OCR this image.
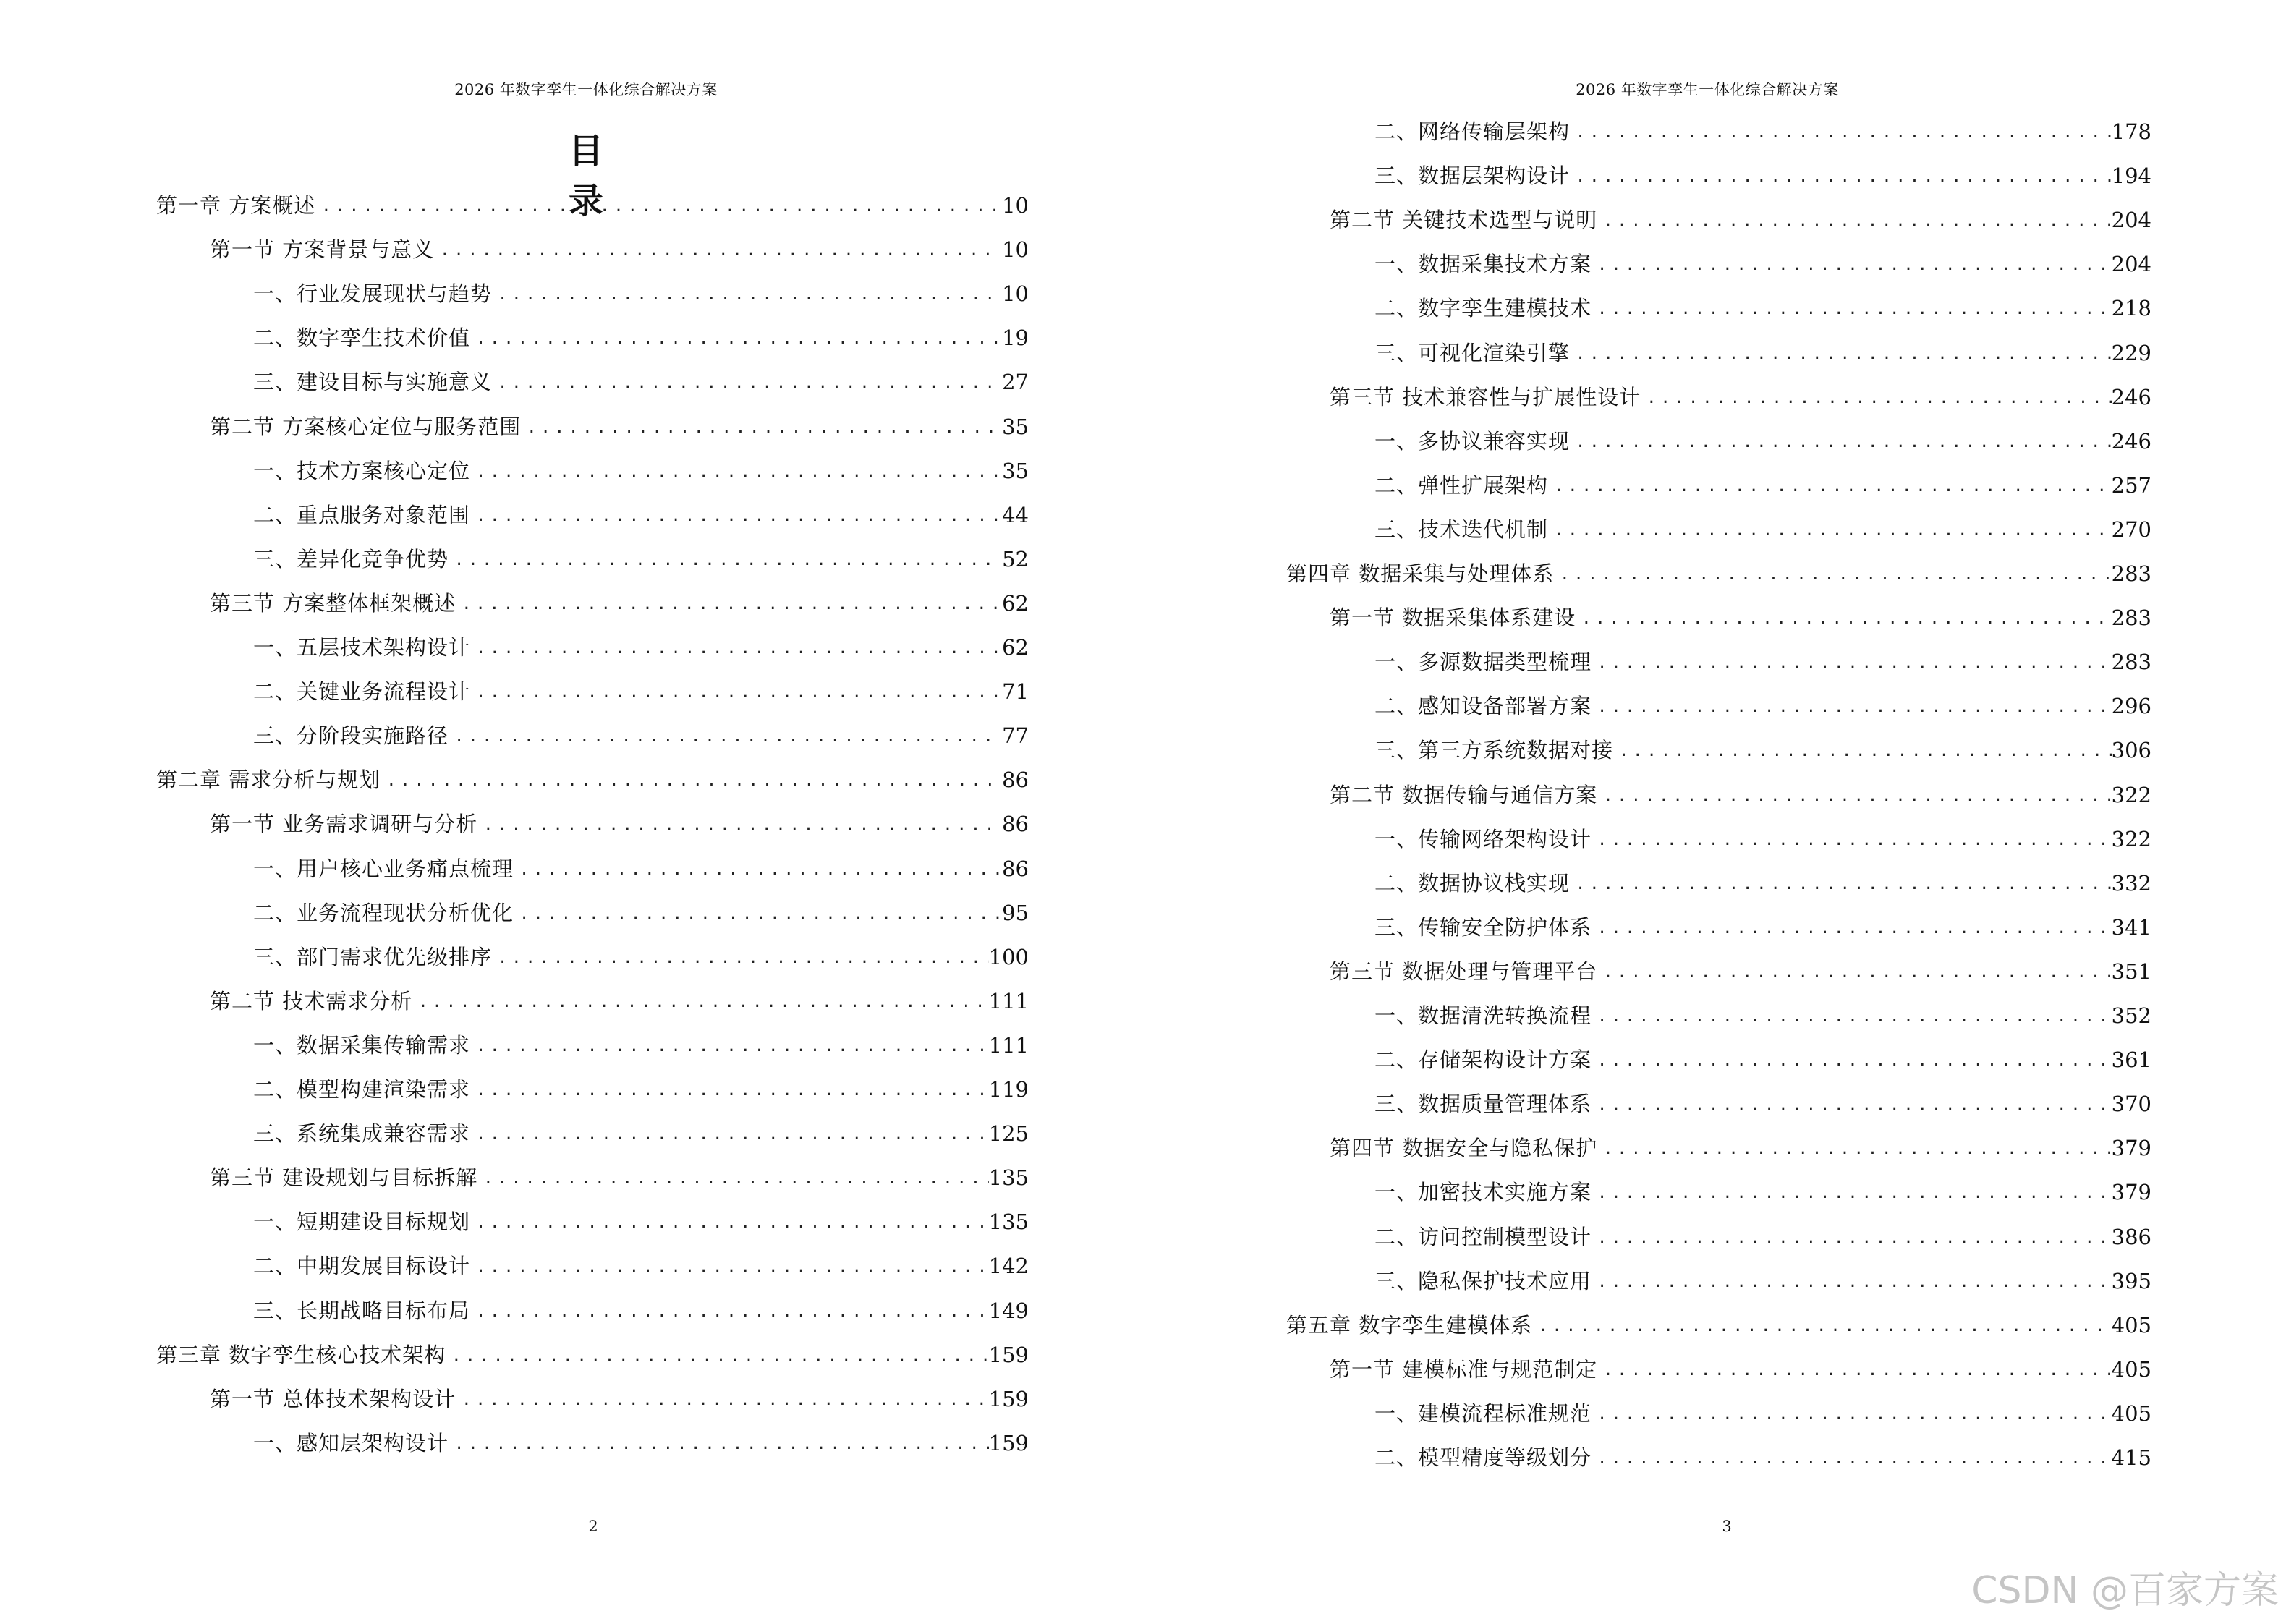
2026 年数字孪生一体化综合解决方案
目 录
第一章 方案概述 .....	10
第一节 方案背景与意义 .....	10
一、行业发展现状与趋势 .....	10
二、数字孪生技术价值 .....	19
三、建设目标与实施意义 .....	27
第二节 方案核心定位与服务范围 .....	35
一、技术方案核心定位 .....	35
二、重点服务对象范围 .....	44
三、差异化竞争优势 .....	52
第三节 方案整体框架概述 .....	62
一、五层技术架构设计 .....	62
二、关键业务流程设计 .....	71
三、分阶段实施路径 .....	77
第二章 需求分析与规划 .....	86
第一节 业务需求调研与分析 .....	86
一、用户核心业务痛点梳理 .....	86
二、业务流程现状分析优化 .....	95
三、部门需求优先级排序 .....	100
第二节 技术需求分析 .....	111
一、数据采集传输需求 .....	111
二、模型构建渲染需求 .....	119
三、系统集成兼容需求 .....	125
第三节 建设规划与目标拆解 .....	135
一、短期建设目标规划 .....	135
二、中期发展目标设计 .....	142
三、长期战略目标布局 .....	149
第三章 数字孪生核心技术架构 .....	159
第一节 总体技术架构设计 .....	159
一、感知层架构设计 .....	159
2
2026 年数字孪生一体化综合解决方案
二、网络传输层架构 .....	178
三、数据层架构设计 .....	194
第二节 关键技术选型与说明 .....	204
一、数据采集技术方案 .....	204
二、数字孪生建模技术 .....	218
三、可视化渲染引擎 .....	229
第三节 技术兼容性与扩展性设计 .....	246
一、多协议兼容实现 .....	246
二、弹性扩展架构 .....	257
三、技术迭代机制 .....	270
第四章 数据采集与处理体系 .....	283
第一节 数据采集体系建设 .....	283
一、多源数据类型梳理 .....	283
二、感知设备部署方案 .....	296
三、第三方系统数据对接 .....	306
第二节 数据传输与通信方案 .....	322
一、传输网络架构设计 .....	322
二、数据协议栈实现 .....	332
三、传输安全防护体系 .....	341
第三节 数据处理与管理平台 .....	351
一、数据清洗转换流程 .....	352
二、存储架构设计方案 .....	361
三、数据质量管理体系 .....	370
第四节 数据安全与隐私保护 .....	379
一、加密技术实施方案 .....	379
二、访问控制模型设计 .....	386
三、隐私保护技术应用 .....	395
第五章 数字孪生建模体系 .....	405
第一节 建模标准与规范制定 .....	405
一、建模流程标准规范 .....	405
二、模型精度等级划分 .....	415
3
CSDN @百家方案
